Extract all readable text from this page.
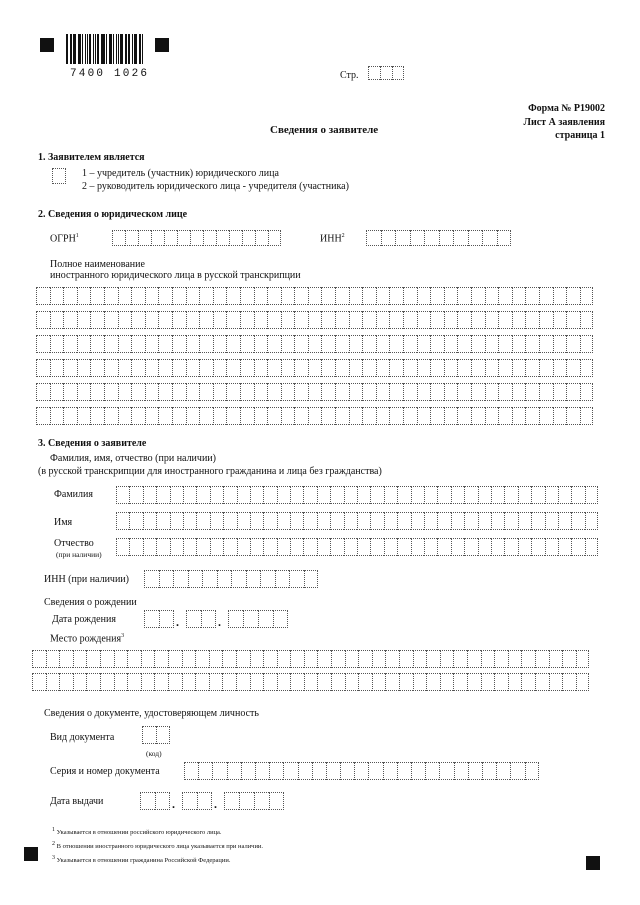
7400 1026	Стр.
Форма № Р19002
Лист А заявления
страница 1
Сведения о заявителе
1. Заявителем является
1 – учредитель (участник) юридического лица
2 – руководитель юридического лица - учредителя (участника)
2. Сведения о юридическом лице
ОГРН$^1$	ИНН$^2$
Полное наименование
иностранного юридического лица в русской транскрипции
3. Сведения о заявителе
Фамилия, имя, отчество (при наличии)
(в русской транскрипции для иностранного гражданина и лица без гражданства)
Фамилия
Имя
Отчество
(при наличии)
ИНН (при наличии)
Сведения о рождении
Дата рождения	.	.
Место рождения$^3$
Сведения о документе, удостоверяющем личность
Вид документа
(код)
Серия и номер документа
Дата выдачи	.	.
$^1$ Указывается в отношении российского юридического лица.
$^2$ В отношении иностранного юридического лица указывается при наличии.
$^3$ Указывается в отношении гражданина Российской Федерации.
